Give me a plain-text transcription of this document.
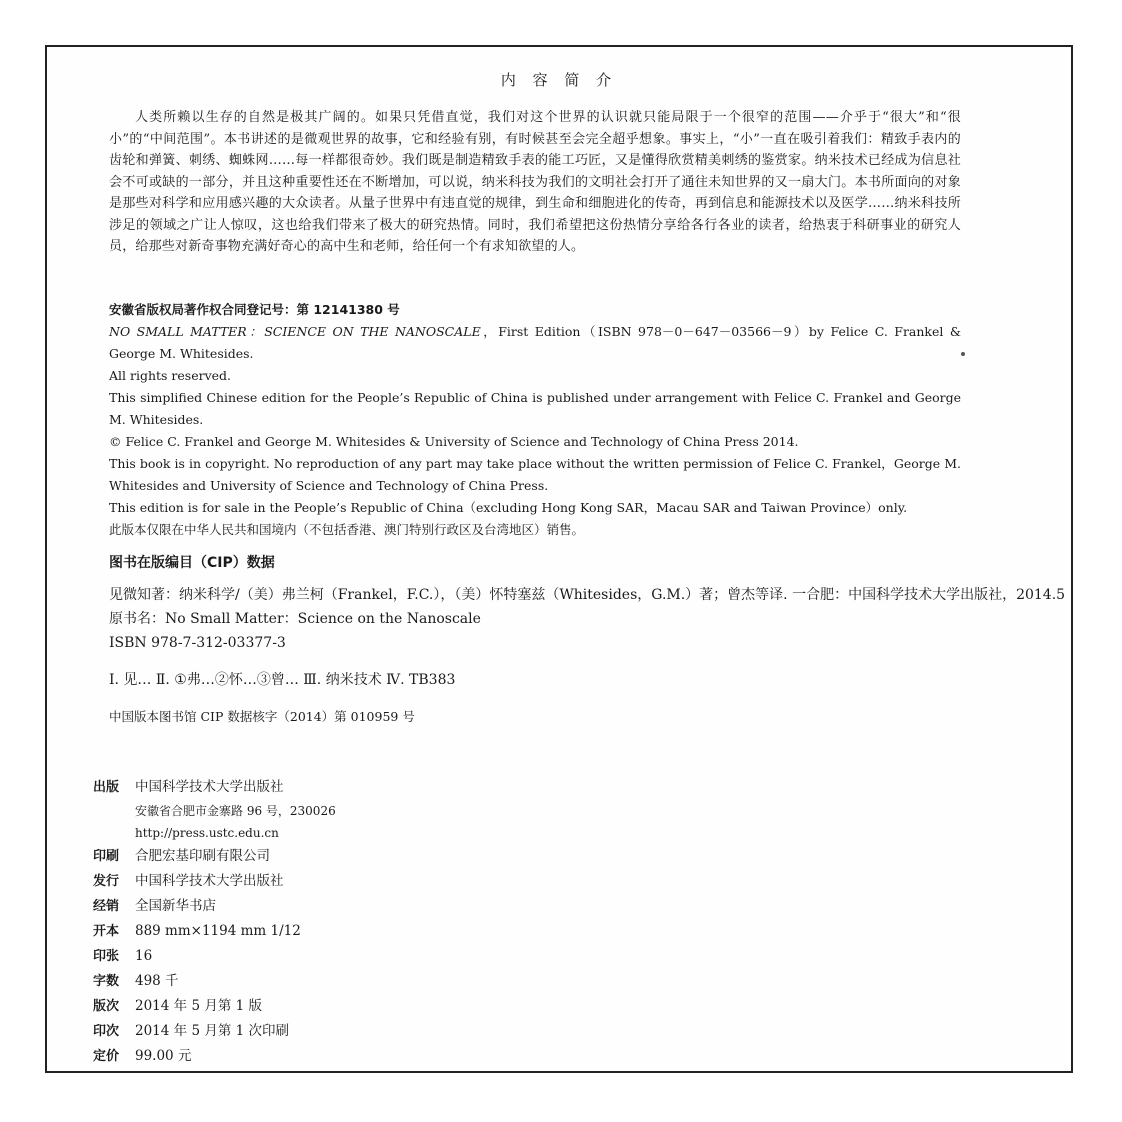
内 容 简 介

人类所赖以生存的自然是极其广阔的。如果只凭借直觉，我们对这个世界的认识就只能局限于一个很窄的范围——介乎于“很大”和“很小”的“中间范围”。本书讲述的是微观世界的故事，它和经验有别，有时候甚至会完全超乎想象。事实上，“小”一直在吸引着我们：精致手表内的齿轮和弹簧、刺绣、蜘蛛网……每一样都很奇妙。我们既是制造精致手表的能工巧匠，又是懂得欣赏精美刺绣的鉴赏家。纳米技术已经成为信息社会不可或缺的一部分，并且这种重要性还在不断增加，可以说，纳米科技为我们的文明社会打开了通往未知世界的又一扇大门。本书所面向的对象是那些对科学和应用感兴趣的大众读者。从量子世界中有违直觉的规律，到生命和细胞进化的传奇，再到信息和能源技术以及医学……纳米科技所涉足的领域之广让人惊叹，这也给我们带来了极大的研究热情。同时，我们希望把这份热情分享给各行各业的读者，给热衷于科研事业的研究人员，给那些对新奇事物充满好奇心的高中生和老师，给任何一个有求知欲望的人。

安徽省版权局著作权合同登记号：第 12141380 号

NO SMALL MATTER：SCIENCE ON THE NANOSCALE，First Edition（ISBN 978－0－647－03566－9）by Felice C. Frankel & George M. Whitesides.

All rights reserved.

This simplified Chinese edition for the People’s Republic of China is published under arrangement with Felice C. Frankel and George M. Whitesides.

© Felice C. Frankel and George M. Whitesides & University of Science and Technology of China Press 2014.

This book is in copyright. No reproduction of any part may take place without the written permission of Felice C. Frankel，George M. Whitesides and University of Science and Technology of China Press.

This edition is for sale in the People’s Republic of China（excluding Hong Kong SAR，Macau SAR and Taiwan Province）only.

此版本仅限在中华人民共和国境内（不包括香港、澳门特别行政区及台湾地区）销售。

图书在版编目（CIP）数据
见微知著：纳米科学/（美）弗兰柯（Frankel，F.C.），（美）怀特塞兹（Whitesides，G.M.）著；曾杰等译. 一合肥：中国科学技术大学出版社，2014.5
原书名：No Small Matter：Science on the Nanoscale
ISBN 978-7-312-03377-3
Ⅰ. 见… Ⅱ. ①弗…②怀…③曾… Ⅲ. 纳米技术 Ⅳ. TB383
中国版本图书馆 CIP 数据核字（2014）第 010959 号
出版	中国科学技术大学出版社
安徽省合肥市金寨路 96 号，230026
http://press.ustc.edu.cn
印刷	合肥宏基印刷有限公司
发行	中国科学技术大学出版社
经销	全国新华书店
开本	889 mm×1194 mm 1/12
印张	16
字数	498 千
版次	2014 年 5 月第 1 版
印次	2014 年 5 月第 1 次印刷
定价	99.00 元
